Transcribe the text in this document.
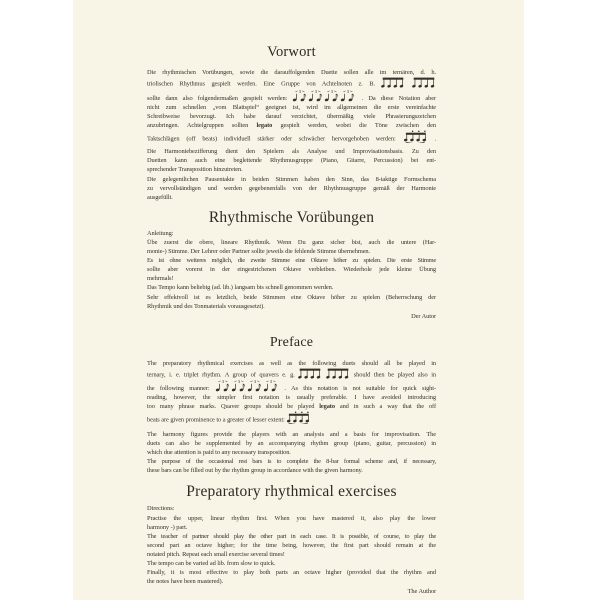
Vorwort
Die rhythmischen Vorübungen, sowie die darauffolgenden Duette sollen alle im ternären, d. h.
triolischen Rhythmus gespielt werden. Eine Gruppe von Achtelnoten z. B.
sollte dann also folgendermaßen gespielt werden:	. Da diese Notation aber
nicht zum schnellen „vom Blattspiel“ geeignet ist, wird im allgemeinen die erste vereinfachte
Schreibweise bevorzugt. Ich habe darauf verzichtet, übermäßig viele Phrasierungszeichen
anzubringen. Achtelgruppen sollten legato gespielt werden, wobei die Töne zwischen den
Taktschlägen (off beats) individuell stärker oder schwächer hervorgehoben werden:	.
Die Harmoniebezifferung dient den Spielern als Analyse und Improvisationsbasis. Zu den
Duetten kann auch eine begleitende Rhythmusgruppe (Piano, Gitarre, Percussion) bei ent-
sprechender Transposition hinzutreten.
Die gelegentlichen Pausentakte in beiden Stimmen haben den Sinn, das 8-taktige Formschema
zu vervollständigen und werden gegebenenfalls von der Rhythmusgruppe gemäß der Harmonie
ausgefüllt.
Rhythmische Vorübungen
Anleitung:
Übe zuerst die obere, lineare Rhythmik. Wenn Du ganz sicher bist, auch die untere (Har-
monie-) Stimme. Der Lehrer oder Partner sollte jeweils die fehlende Stimme übernehmen.
Es ist ohne weiteres möglich, die zweite Stimme eine Oktave höher zu spielen. Die erste Stimme
sollte aber vorerst in der eingestrichenen Oktave verbleiben. Wiederhole jede kleine Übung
mehrmals!
Das Tempo kann beliebig (ad. lib.) langsam bis schnell genommen werden.
Sehr effektvoll ist es letztlich, beide Stimmen eine Oktave höher zu spielen (Beherrschung der
Rhythmik und des Tonmaterials vorausgesetzt).
Der Autor
Preface
The preparatory rhythmical exercises as well as the following duets should all be played in
ternary, i. e. triplet rhythm. A group of quavers e. g.	should then be played also in
the following manner:	. As this notation is not suitable for quick sight-
reading, however, the simpler first notation is usually preferable. I have avoided introducing
too many phrase marks. Quaver groups should be played legato and in such a way that the off
beats are given prominence to a greater of lesser extent:
The harmony figures provide the players with an analysis and a basis for improvisation. The
duets can also be supplemented by an accompanying rhythm group (piano, guitar, percussion) in
which due attention is paid to any necessary transposition.
The purpose of the occasional rest bars is to complete the 8-bar formal scheme and, if necessary,
these bars can be filled out by the rhythm group in accordance with the given harmony.
Preparatory rhythmical exercises
Directions:
Practise the upper, linear rhythm first. When you have mastered it, also play the lower
harmony -) part.
The teacher of partner should play the other part in each case. It is possible, of course, to play the
second part an octave higher; for the time being, however, the first part should remain at the
notated pitch. Repeat each small exercise several times!
The tempo can be varied ad lib. from slow to quick.
Finally, it is most effective to play both parts an octave higher (provided that the rhythm and
the notes have been mastered).
The Author
